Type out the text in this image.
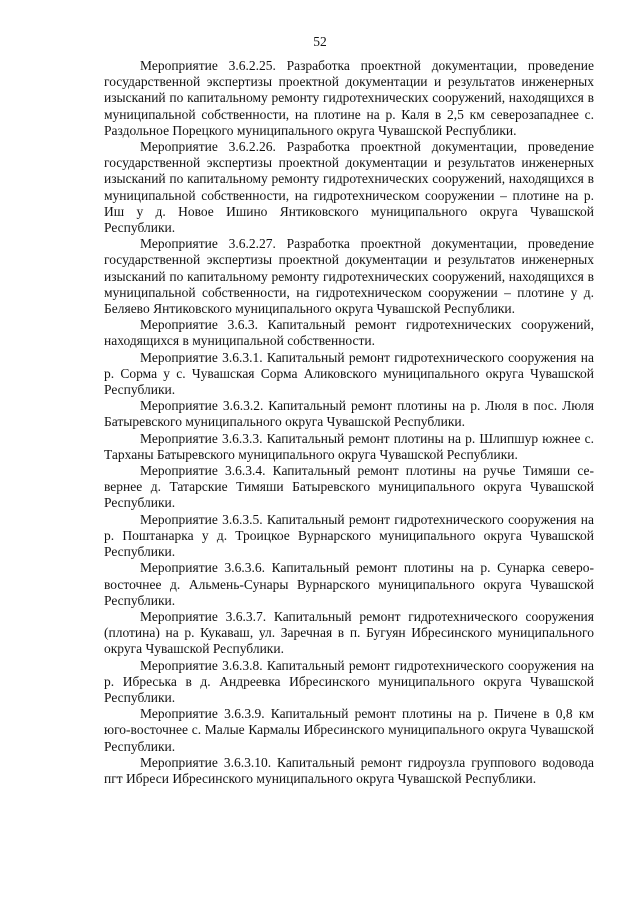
52

Мероприятие 3.6.2.25. Разработка проектной документации, проведение государственной экспертизы проектной документации и результатов инженерных изысканий по капитальному ремонту гидротехнических сооружений, находящихся в муниципальной собственности, на плотине на р. Каля в 2,5 км северозападнее с. Раздольное Порецкого муниципального округа Чувашской Республики.

Мероприятие 3.6.2.26. Разработка проектной документации, проведение государственной экспертизы проектной документации и результатов инженерных изысканий по капитальному ремонту гидротехнических сооружений, находящихся в муниципальной собственности, на гидротехническом сооружении – плотине на р. Иш у д. Новое Ишино Янтиковского муниципального округа Чувашской Республики.

Мероприятие 3.6.2.27. Разработка проектной документации, проведение государственной экспертизы проектной документации и результатов инженерных изысканий по капитальному ремонту гидротехнических сооружений, находящихся в муниципальной собственности, на гидротехническом сооружении – плотине у д. Беляево Янтиковского муниципального округа Чувашской Республики.

Мероприятие 3.6.3. Капитальный ремонт гидротехнических сооружений, находящихся в муниципальной собственности.

Мероприятие 3.6.3.1. Капитальный ремонт гидротехнического сооружения на р. Сорма у с. Чувашская Сорма Аликовского муниципального округа Чувашской Республики.

Мероприятие 3.6.3.2. Капитальный ремонт плотины на р. Люля в пос. Люля Батыревского муниципального округа Чувашской Республики.

Мероприятие 3.6.3.3. Капитальный ремонт плотины на р. Шлипшур южнее с. Тарханы Батыревского муниципального округа Чувашской Республики.

Мероприятие 3.6.3.4. Капитальный ремонт плотины на ручье Тимяши севернее д. Татарские Тимяши Батыревского муниципального округа Чувашской Республики.

Мероприятие 3.6.3.5. Капитальный ремонт гидротехнического сооружения на р. Поштанарка у д. Троицкое Вурнарского муниципального округа Чувашской Республики.

Мероприятие 3.6.3.6. Капитальный ремонт плотины на р. Сунарка северовосточнее д. Альмень-Сунары Вурнарского муниципального округа Чувашской Республики.

Мероприятие 3.6.3.7. Капитальный ремонт гидротехнического сооружения (плотина) на р. Кукаваш, ул. Заречная в п. Бугуян Ибресинского муниципального округа Чувашской Республики.

Мероприятие 3.6.3.8. Капитальный ремонт гидротехнического сооружения на р. Ибреська в д. Андреевка Ибресинского муниципального округа Чувашской Республики.

Мероприятие 3.6.3.9. Капитальный ремонт плотины на р. Пичене в 0,8 км юго-восточнее с. Малые Кармалы Ибресинского муниципального округа Чувашской Республики.

Мероприятие 3.6.3.10. Капитальный ремонт гидроузла группового водовода пгт Ибреси Ибресинского муниципального округа Чувашской Республики.
